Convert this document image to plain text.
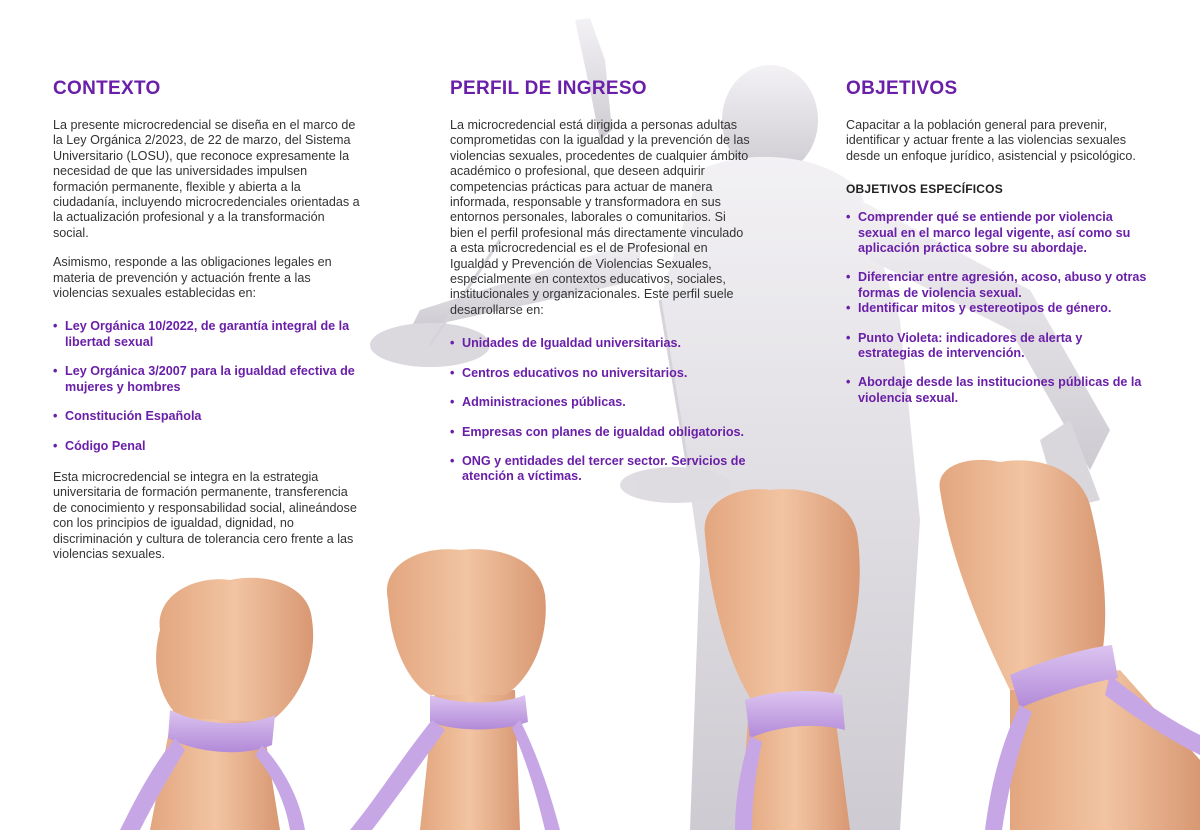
CONTEXTO

La presente microcredencial se diseña en el marco de la Ley Orgánica 2/2023, de 22 de marzo, del Sistema Universitario (LOSU), que reconoce expresamente la necesidad de que las universidades impulsen formación permanente, flexible y abierta a la ciudadanía, incluyendo microcredenciales orientadas a la actualización profesional y a la transformación social.

Asimismo, responde a las obligaciones legales en materia de prevención y actuación frente a las violencias sexuales establecidas en:

• Ley Orgánica 10/2022, de garantía integral de la libertad sexual
• Ley Orgánica 3/2007 para la igualdad efectiva de mujeres y hombres
• Constitución Española
• Código Penal

Esta microcredencial se integra en la estrategia universitaria de formación permanente, transferencia de conocimiento y responsabilidad social, alineándose con los principios de igualdad, dignidad, no discriminación y cultura de tolerancia cero frente a las violencias sexuales.

PERFIL DE INGRESO

La microcredencial está dirigida a personas adultas comprometidas con la igualdad y la prevención de las violencias sexuales, procedentes de cualquier ámbito académico o profesional, que deseen adquirir competencias prácticas para actuar de manera informada, responsable y transformadora en sus entornos personales, laborales o comunitarios. Si bien el perfil profesional más directamente vinculado a esta microcredencial es el de Profesional en Igualdad y Prevención de Violencias Sexuales, especialmente en contextos educativos, sociales, institucionales y organizacionales. Este perfil suele desarrollarse en:

• Unidades de Igualdad universitarias.
• Centros educativos no universitarios.
• Administraciones públicas.
• Empresas con planes de igualdad obligatorios.
• ONG y entidades del tercer sector. Servicios de atención a víctimas.
OBJETIVOS

Capacitar a la población general para prevenir, identificar y actuar frente a las violencias sexuales desde un enfoque jurídico, asistencial y psicológico.

OBJETIVOS ESPECÍFICOS
• Comprender qué se entiende por violencia sexual en el marco legal vigente, así como su aplicación práctica sobre su abordaje.
• Diferenciar entre agresión, acoso, abuso y otras formas de violencia sexual.
• Identificar mitos y estereotipos de género.
• Punto Violeta: indicadores de alerta y estrategias de intervención.
• Abordaje desde las instituciones públicas de la violencia sexual.
